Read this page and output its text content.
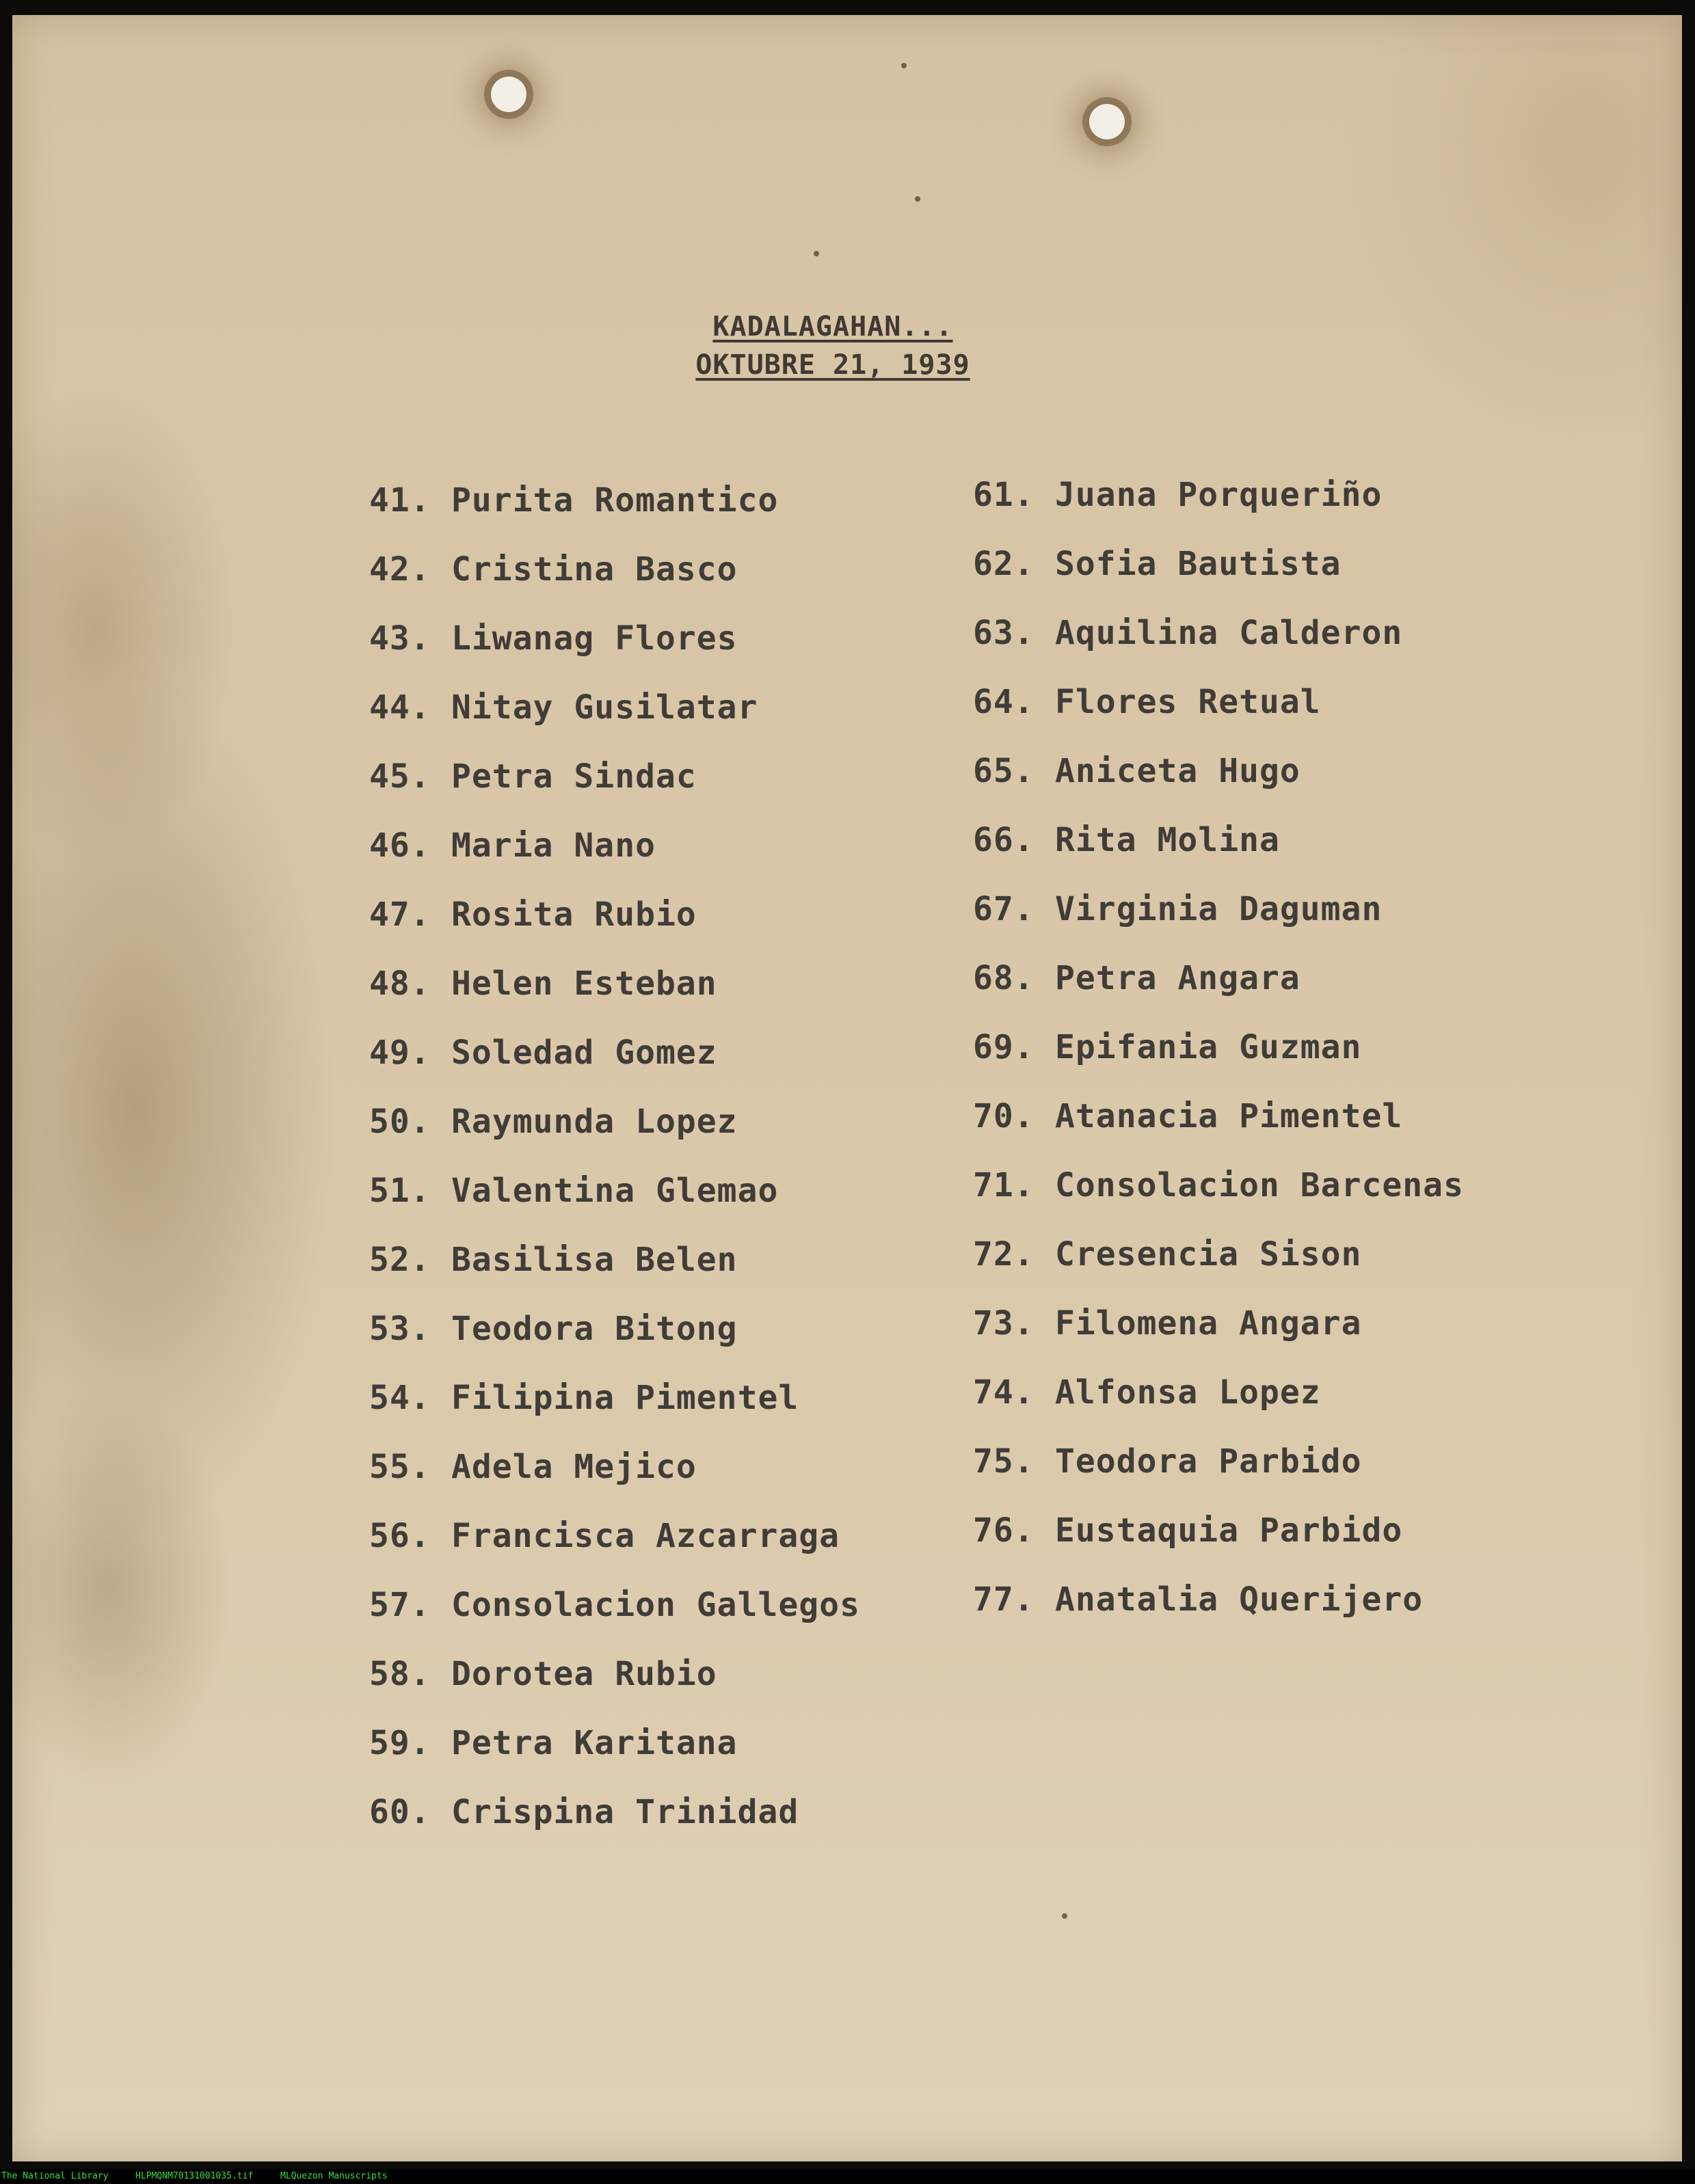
KADALAGAHAN...
OKTUBRE 21, 1939
41. Purita Romantico
42. Cristina Basco
43. Liwanag Flores
44. Nitay Gusilatar
45. Petra Sindac
46. Maria Nano
47. Rosita Rubio
48. Helen Esteban
49. Soledad Gomez
50. Raymunda Lopez
51. Valentina Glemao
52. Basilisa Belen
53. Teodora Bitong
54. Filipina Pimentel
55. Adela Mejico
56. Francisca Azcarraga
57. Consolacion Gallegos
58. Dorotea Rubio
59. Petra Karitana
60. Crispina Trinidad
61. Juana Porqueriño
62. Sofia Bautista
63. Aquilina Calderon
64. Flores Retual
65. Aniceta Hugo
66. Rita Molina
67. Virginia Daguman
68. Petra Angara
69. Epifania Guzman
70. Atanacia Pimentel
71. Consolacion Barcenas
72. Cresencia Sison
73. Filomena Angara
74. Alfonsa Lopez
75. Teodora Parbido
76. Eustaquia Parbido
77. Anatalia Querijero
The National Library	HLPMQNM70131001035.tif	MLQuezon Manuscripts
